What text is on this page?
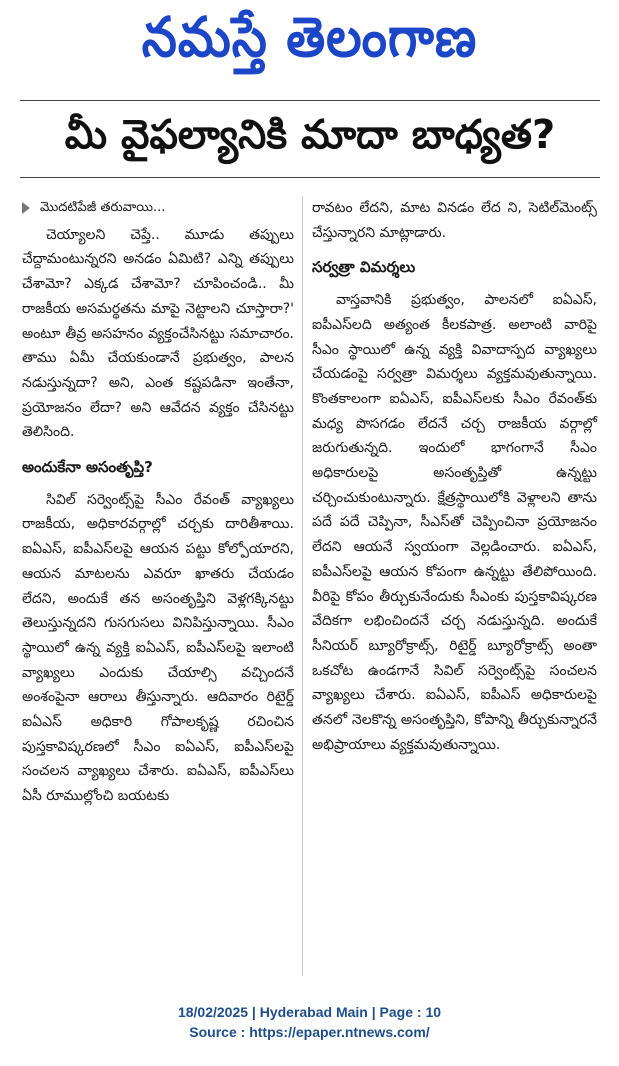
నమస్తే తెలంగాణ
మీ వైఫల్యానికి మాదా బాధ్యత?
మొదటిపేజీ తరువాయి...

చెయ్యాలని చెప్తే.. మూడు తప్పులు చేద్దామంటున్నరని అనడం ఏమిటి? ఎన్ని తప్పులు చేశామో? ఎక్కడ చేశామో? చూపించండి.. మీ రాజకీయ అసమర్థతను మాపై నెట్టాలని చూస్తారా?' అంటూ తీవ్ర అసహనం వ్యక్తంచేసినట్టు సమాచారం. తాము ఏమీ చేయకుండానే ప్రభుత్వం, పాలన నడుస్తున్నదా? అని, ఎంత కష్టపడినా ఇంతేనా, ప్రయోజనం లేదా? అని ఆవేదన వ్యక్తం చేసినట్టు తెలిసింది.

అందుకేనా అసంతృప్తి?

సివిల్ సర్వెంట్స్‌పై సీఎం రేవంత్ వ్యాఖ్యలు రాజకీయ, అధికారవర్గాల్లో చర్చకు దారితీశాయి. ఐఏఎస్, ఐపీఎస్‌లపై ఆయన పట్టు కోల్పోయారని, ఆయన మాటలను ఎవరూ ఖాతరు చేయడం లేదని, అందుకే తన అసంతృప్తిని వెళ్లగక్కినట్టు తెలుస్తున్నదని గుసగుసలు వినిపిస్తున్నాయి. సీఎం స్థాయిలో ఉన్న వ్యక్తి ఐఏఎస్, ఐపీఎస్‌లపై ఇలాంటి వ్యాఖ్యలు ఎందుకు చేయాల్సి వచ్చిందనే అంశంపైనా ఆరాలు తీస్తున్నారు. ఆదివారం రిటైర్డ్ ఐఏఎస్ అధికారి గోపాలకృష్ణ రచించిన పుస్తకావిష్కరణలో సీఎం ఐఏఎస్, ఐపీఎస్‌లపై సంచలన వ్యాఖ్యలు చేశారు. ఐఏఎస్, ఐపీఎస్‌లు ఏసీ రూముల్లోంచి బయటకు

రావటం లేదని, మాట వినడం లేద ని, సెటిల్‌మెంట్స్ చేస్తున్నారని మాట్లాడారు.

సర్వత్రా విమర్శలు

వాస్తవానికి ప్రభుత్వం, పాలనలో ఐఏఎస్, ఐపీఎస్‌లది అత్యంత కీలకపాత్ర. అలాంటి వారిపై సీఎం స్థాయిలో ఉన్న వ్యక్తి వివాదాస్పద వ్యాఖ్యలు చేయడంపై సర్వత్రా విమర్శలు వ్యక్తమవుతున్నాయి. కొంతకాలంగా ఐఏఎస్, ఐపీఎస్‌లకు సీఎం రేవంత్‌కు మధ్య పొసగడం లేదనే చర్చ రాజకీయ వర్గాల్లో జరుగుతున్నది. ఇందులో భాగంగానే సీఎం అధికారులపై అసంతృప్తితో ఉన్నట్టు చర్చించుకుంటున్నారు. క్షేత్రస్థాయిలోకి వెళ్లాలని తాను పదే పదే చెప్పినా, సీఎస్‌తో చెప్పించినా ప్రయోజనం లేదని ఆయనే స్వయంగా వెల్లడించారు. ఐఏఎస్, ఐపీఎస్‌లపై ఆయన కోపంగా ఉన్నట్టు తేలిపోయింది. వీరిపై కోపం తీర్చుకునేందుకు సీఎంకు పుస్తకావిష్కరణ వేదికగా లభించిందనే చర్చ నడుస్తున్నది. అందుకే సీనియర్ బ్యూరోక్రాట్స్, రిటైర్డ్ బ్యూరోక్రాట్స్ అంతా ఒకచోట ఉండగానే సివిల్ సర్వెంట్స్‌పై సంచలన వ్యాఖ్యలు చేశారు. ఐఏఎస్, ఐపీఎస్ అధికారులపై తనలో నెలకొన్న అసంతృప్తిని, కోపాన్ని తీర్చుకున్నారనే అభిప్రాయాలు వ్యక్తమవుతున్నాయి.

18/02/2025 | Hyderabad Main | Page : 10
Source : https://epaper.ntnews.com/
